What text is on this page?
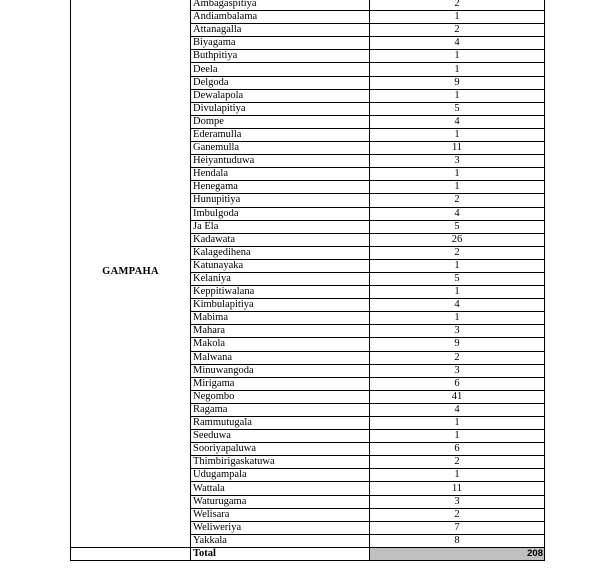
GAMPAHA	Ambagaspitiya	2
	Andiambalama	1
	Attanagalla	2
	Biyagama	4
	Buthpitiya	1
	Deela	1
	Delgoda	9
	Dewalapola	1
	Divulapitiya	5
	Dompe	4
	Ederamulla	1
	Ganemulla	11
	Heiyantuduwa	3
	Hendala	1
	Henegama	1
	Hunupitiya	2
	Imbulgoda	4
	Ja Ela	5
	Kadawata	26
	Kalagedihena	2
	Katunayaka	1
	Kelaniya	5
	Keppitiwalana	1
	Kimbulapitiya	4
	Mabima	1
	Mahara	3
	Makola	9
	Malwana	2
	Minuwangoda	3
	Mirigama	6
	Negombo	41
	Ragama	4
	Rammutugala	1
	Seeduwa	1
	Sooriyapaluwa	6
	Thimbirigaskatuwa	2
	Udugampala	1
	Wattala	11
	Waturugama	3
	Welisara	2
	Weliweriya	7
	Yakkala	8
	Total	208
